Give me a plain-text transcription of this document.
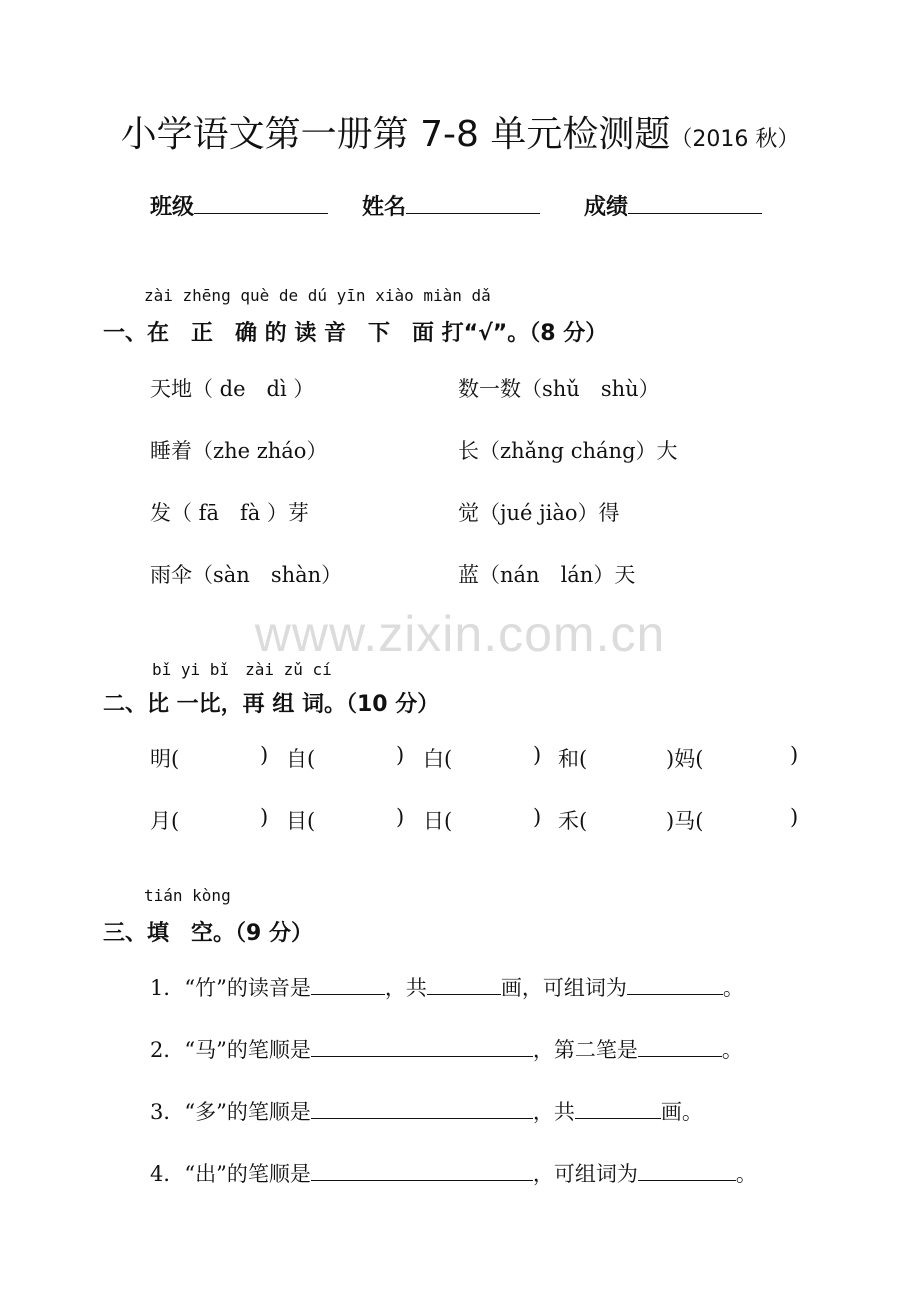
www.zixin.com.cn
小学语文第一册第 7-8 单元检测题（2016 秋）
班级	姓名	成绩
zài zhēng què de dú yīn xiào miàn dǎ
一、在　正　确 的 读 音　下　面 打“√”。（8 分）
天地（ de　dì ）	数一数（shǔ　shù）
睡着（zhe zháo）	长（zhǎng cháng）大
发（ fā　fà ）芽	觉（jué jiào）得
雨伞（sàn　shàn）	蓝（nán　lán）天
bǐ yi bǐ　zài zǔ cí
二、比 一比，再 组 词。（10 分）
明(	) 自(	) 白(	) 和(	)妈(	)
月(	) 目(	) 日(	) 禾(	)马(	)
tián kòng
三、填　空。（9 分）
1．“竹”的读音是	，共	画，可组词为	。
2．“马”的笔顺是	，第二笔是	。
3．“多”的笔顺是	，共	画。
4．“出”的笔顺是	，可组词为	。
